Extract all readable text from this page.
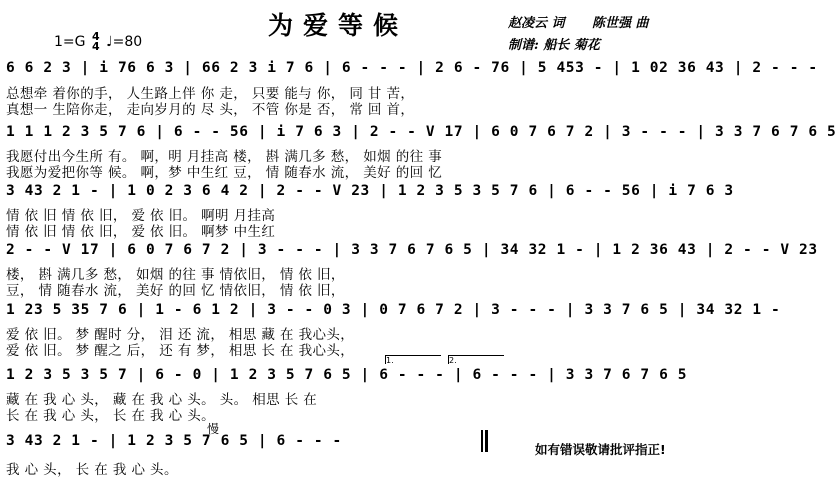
为爱等候
1=G 4
4 ♩=80
赵凌云 词 陈世强 曲
制谱: 船长 菊花
6 6 2 3 | i 76 6 3 | 66 2 3 i 7 6 | 6 - - - | 2 6 - 76 | 5 453 - | 1 02 36 43 | 2 - - -
总想牵 着你的手， 人生路上伴 你 走， 只要 能与 你， 同 甘 苦，
真想一 生陪你走， 走向岁月的 尽 头， 不管 你是 否， 常 回 首，
1 1 1 2 3 5 7 6 | 6 - - 56 | i 7 6 3 | 2 - - V 17 | 6 0 7 6 7 2 | 3 - - - | 3 3 7 6 7 6 5
我愿付出今生所 有。 啊，明 月挂高 楼， 斟 满几多 愁， 如烟 的往 事
我愿为爱把你等 候。 啊，梦 中生红 豆， 情 随春水 流， 美好 的回 忆
3 43 2 1 - | 1 0 2 3 6 4 2 | 2 - - V 23 | 1 2 3 5 3 5 7 6 | 6 - - 56 | i 7 6 3
情 依 旧 情 依 旧， 爱 依 旧。 啊明 月挂高
情 依 旧 情 依 旧， 爱 依 旧。 啊梦 中生红
2 - - V 17 | 6 0 7 6 7 2 | 3 - - - | 3 3 7 6 7 6 5 | 34 32 1 - | 1 2 36 43 | 2 - - V 23
楼， 斟 满几多 愁， 如烟 的往 事 情依旧， 情 依 旧，
豆， 情 随春水 流， 美好 的回 忆 情依旧， 情 依 旧，
1 23 5 35 7 6 | 1 - 6 1 2 | 3 - - 0 3 | 0 7 6 7 2 | 3 - - - | 3 3 7 6 5 | 34 32 1 -
爱 依 旧。 梦 醒时 分， 泪 还 流， 相思 藏 在 我心头，
爱 依 旧。 梦 醒之 后， 还 有 梦， 相思 长 在 我心头，
1.	2.
1 2 3 5 3 5 7 | 6 - 0 | 1 2 3 5 7 6 5 | 6 - - - | 6 - - - | 3 3 7 6 7 6 5
藏 在 我 心 头， 藏 在 我 心 头。 头。 相思 长 在
长 在 我 心 头， 长 在 我 心 头。
慢
3 43 2 1 - | 1 2 3 5 7 6 5 | 6 - - -
我 心 头， 长 在 我 心 头。
如有错误敬请批评指正!
